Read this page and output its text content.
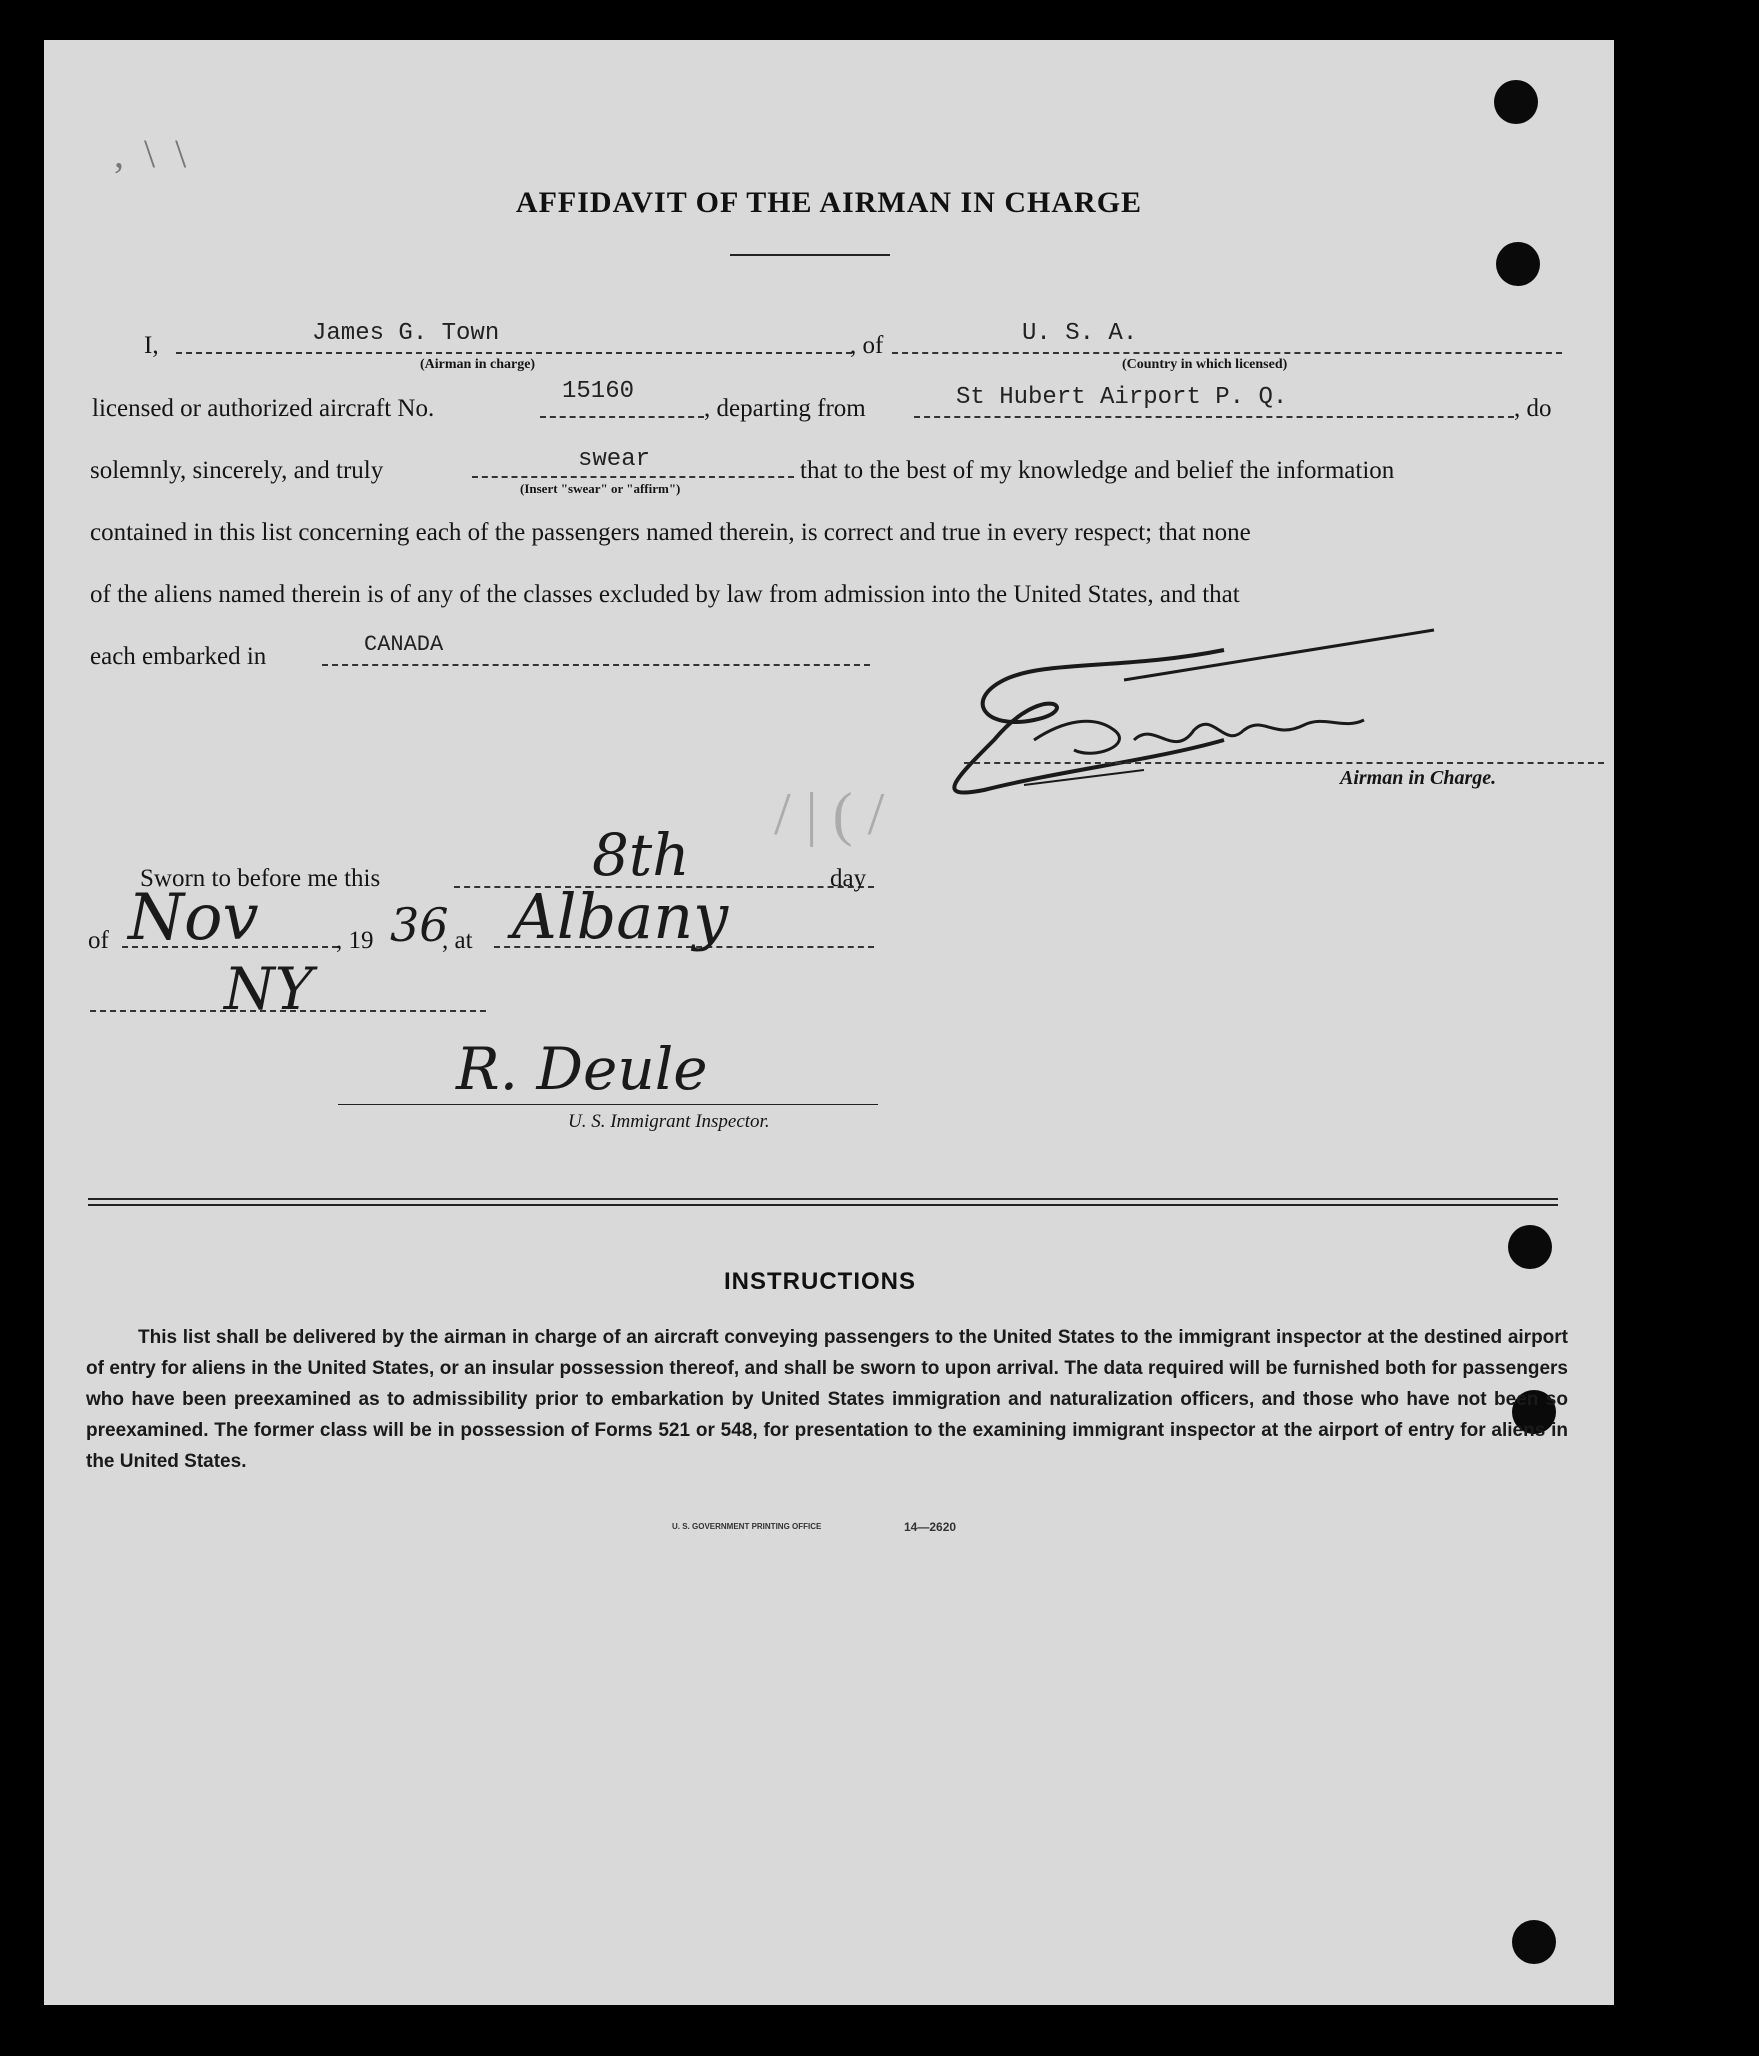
,  \  \
AFFIDAVIT OF THE AIRMAN IN CHARGE
I,	James G. Town
(Airman in charge)
, of	U. S. A.
(Country in which licensed)
licensed or authorized aircraft No.
15160
, departing from	St Hubert Airport P. Q.	, do
solemnly, sincerely, and truly	swear
(Insert "swear" or "affirm")
that to the best of my knowledge and belief the information
contained in this list concerning each of the passengers named therein, is correct and true in every respect; that none
of the aliens named therein is of any of the classes excluded by law from admission into the United States, and that
each embarked in	CANADA
Airman in Charge.
/ | ( /
Sworn to before me this	8th	day
of Nov	, 19 36
, at Albany
NY
R. Deule
U. S. Immigrant Inspector.
INSTRUCTIONS
This list shall be delivered by the airman in charge of an aircraft conveying passengers to the United States to the immigrant inspector at the destined airport of entry for aliens in the United States, or an insular possession thereof, and shall be sworn to upon arrival. The data required will be furnished both for passengers who have been preexamined as to admissibility prior to embarkation by United States immigration and naturalization officers, and those who have not been so preexamined. The former class will be in possession of Forms 521 or 548, for presentation to the examining immigrant inspector at the airport of entry for aliens in the United States.
U. S. GOVERNMENT PRINTING OFFICE	14—2620
